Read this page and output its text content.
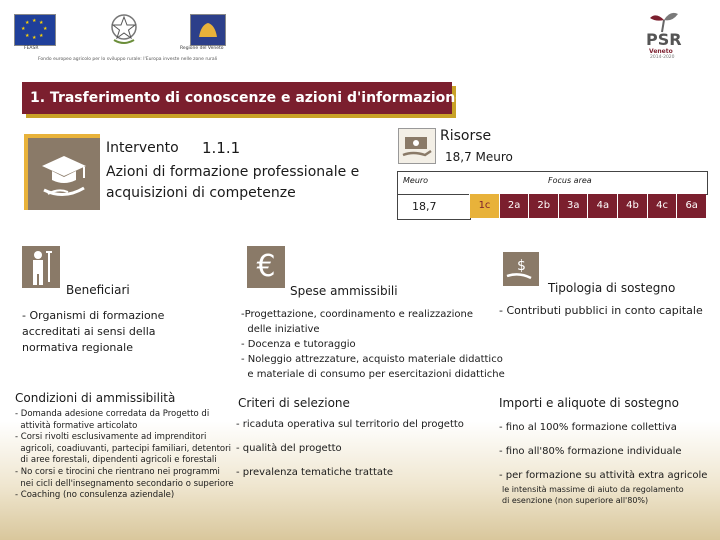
★ ★
★
★
★
★
★
★
FEASR	Regione del Veneto
Fondo europeo agricolo per lo sviluppo rurale: l'Europa investe nelle zone rurali
PSR
Veneto
2014-2020
1. Trasferimento di conoscenze e azioni d'informazione
Intervento 1.1.1
Azioni di formazione professionale e acquisizioni di competenze
Risorse
18,7 Meuro
Meuro	Focus area
18,7	1c	2a	2b	3a	4a	4b	4c	6a
Beneficiari
- Organismi di formazione accreditati ai sensi della normativa regionale
€
Spese ammissibili
-Progettazione, coordinamento e realizzazione
delle iniziative
- Docenza e tutoraggio
- Noleggio attrezzature, acquisto materiale didattico
e materiale di consumo per esercitazioni didattiche
$
Tipologia di sostegno
- Contributi pubblici in conto capitale
Condizioni di ammissibilità
- Domanda adesione corredata da Progetto di
attività formative articolato
- Corsi rivolti esclusivamente ad imprenditori
agricoli, coadiuvanti, partecipi familiari, detentori
di aree forestali, dipendenti agricoli e forestali
- No corsi e tirocini che rientrano nei programmi
nei cicli dell'insegnamento secondario o superiore
- Coaching (no consulenza aziendale)
Criteri di selezione
- ricaduta operativa sul territorio del progetto
- qualità del progetto
- prevalenza tematiche trattate
Importi e aliquote di sostegno
- fino al 100% formazione collettiva
- fino all'80% formazione individuale
- per formazione su attività extra agricole
le intensità massime di aiuto da regolamento
di esenzione (non superiore all'80%)
